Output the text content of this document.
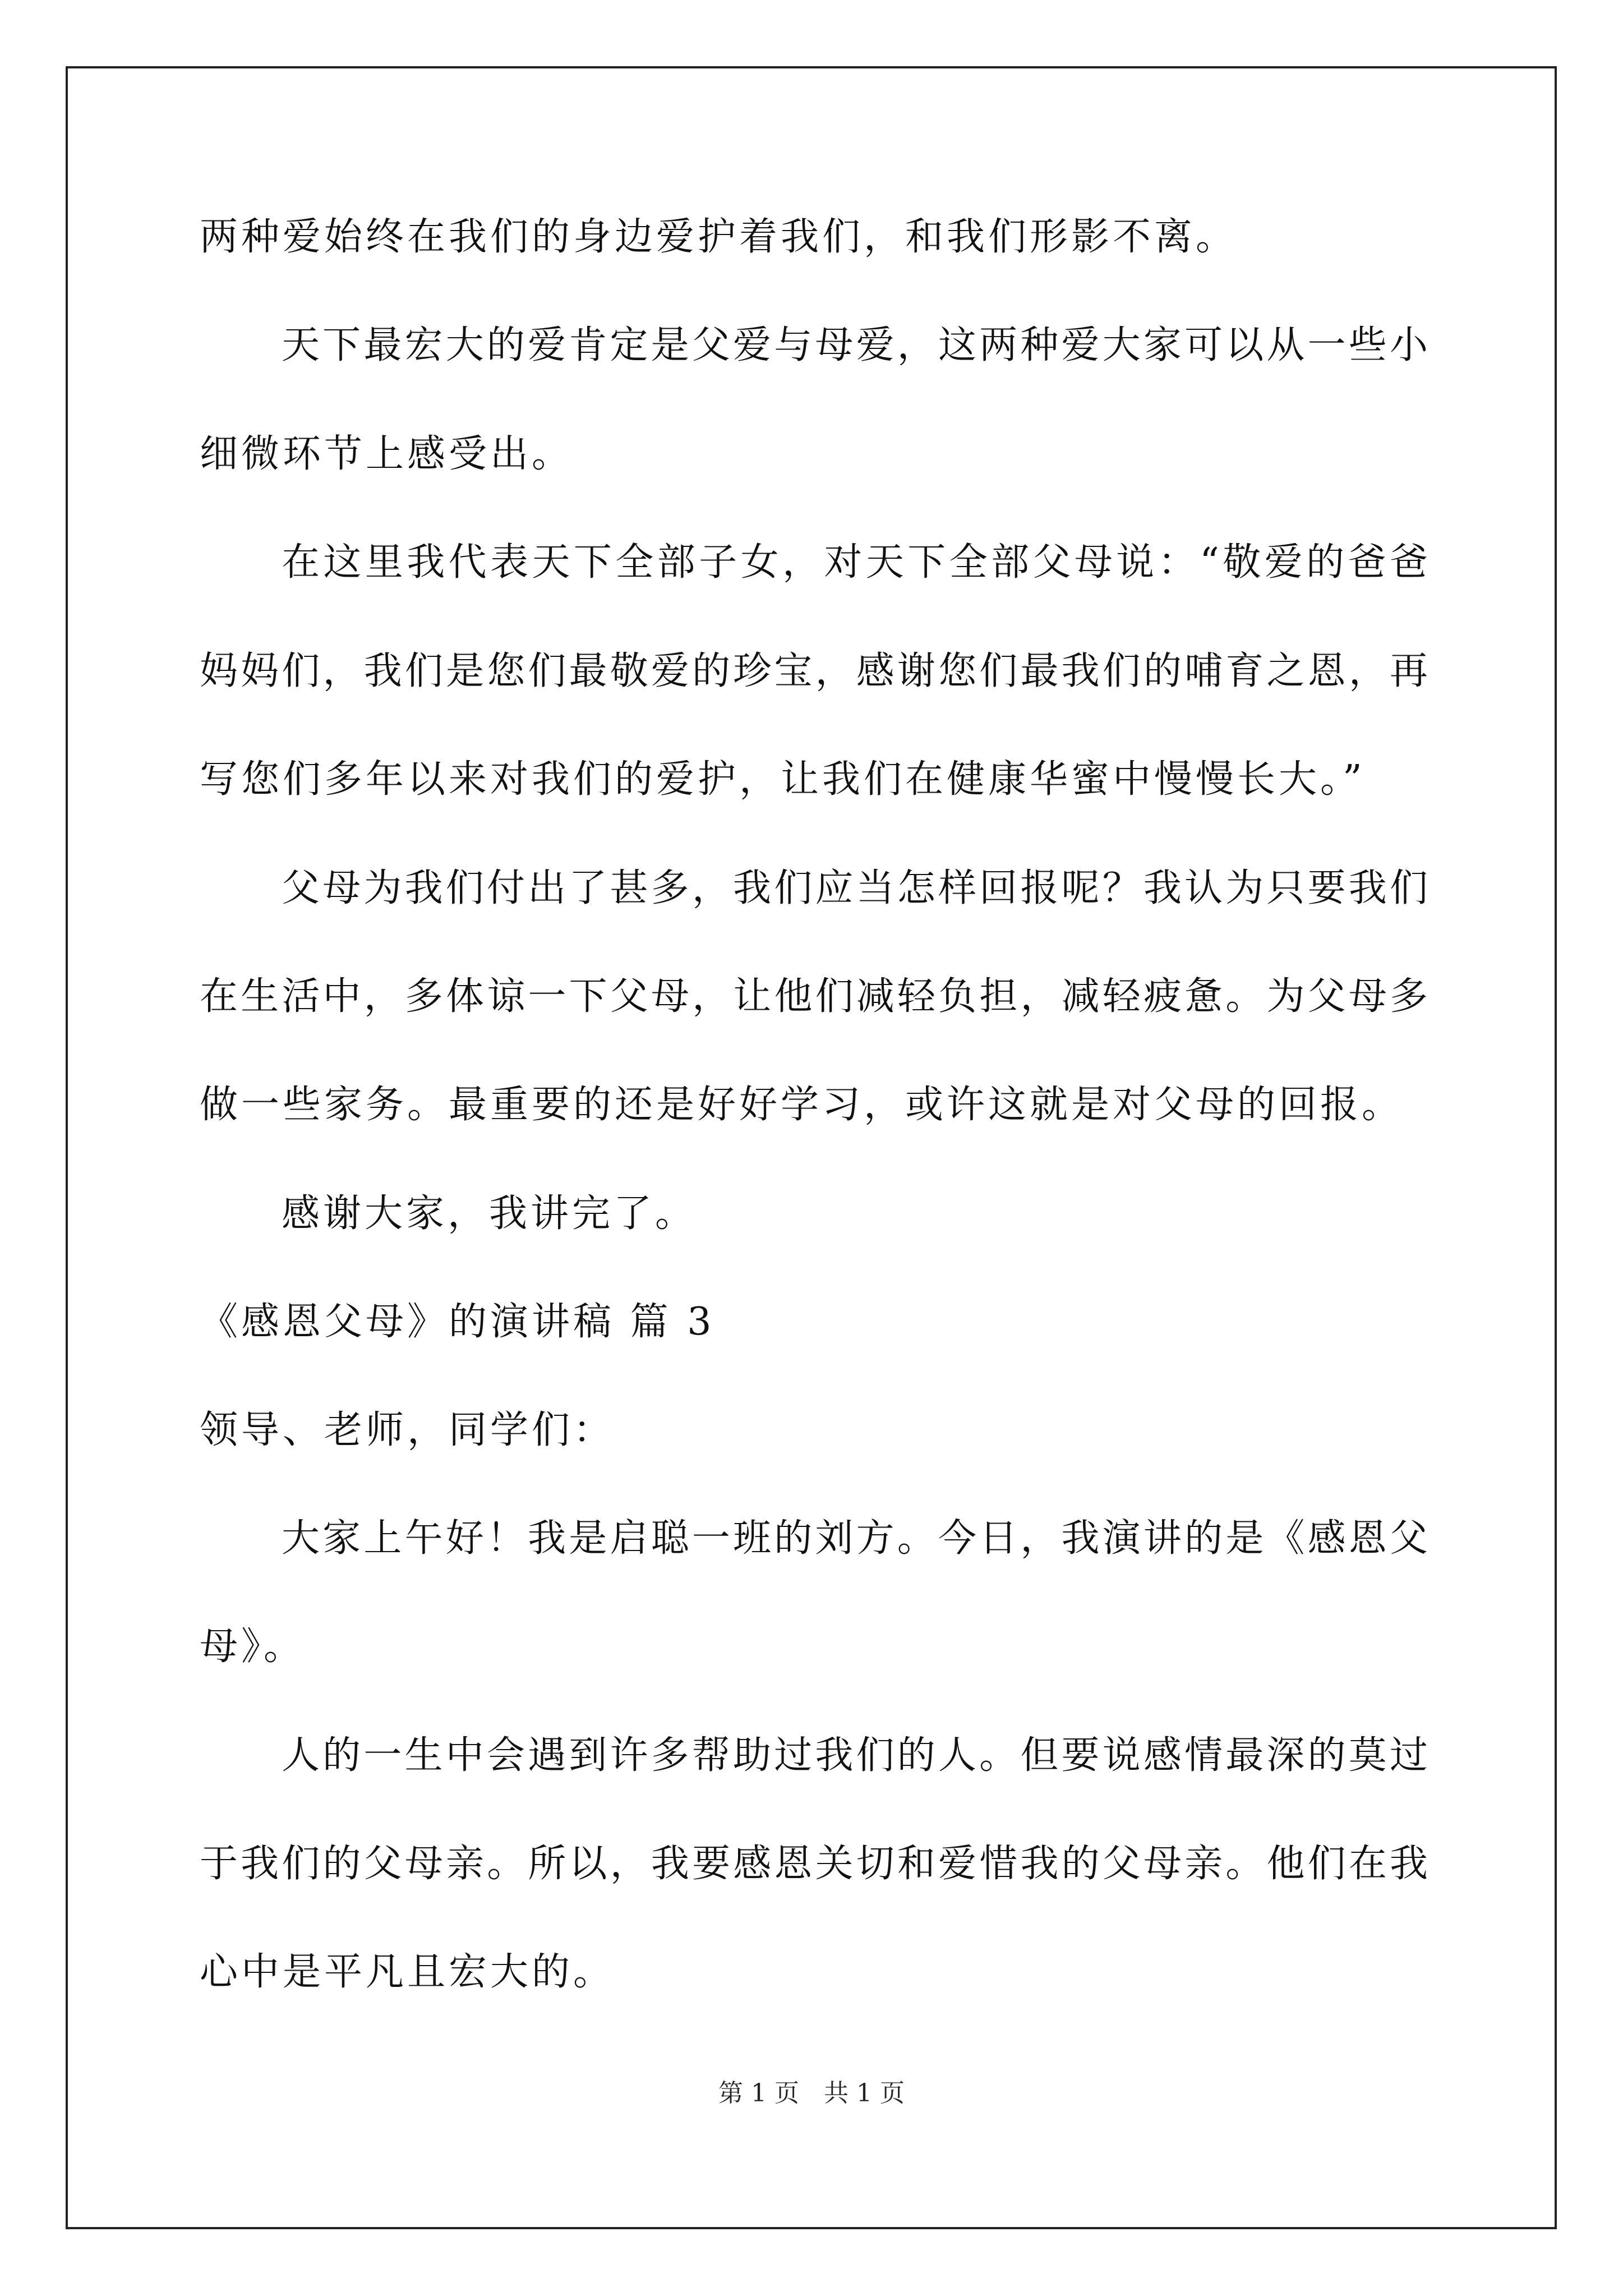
两种爱始终在我们的身边爱护着我们，和我们形影不离。
天下最宏大的爱肯定是父爱与母爱，这两种爱大家可以从一些小
细微环节上感受出。
在这里我代表天下全部子女，对天下全部父母说：“敬爱的爸爸
妈妈们，我们是您们最敬爱的珍宝，感谢您们最我们的哺育之恩，再
写您们多年以来对我们的爱护，让我们在健康华蜜中慢慢长大。”
父母为我们付出了甚多，我们应当怎样回报呢？我认为只要我们
在生活中，多体谅一下父母，让他们减轻负担，减轻疲惫。为父母多
做一些家务。最重要的还是好好学习，或许这就是对父母的回报。
感谢大家，我讲完了。
《感恩父母》的演讲稿 篇 3
领导、老师，同学们：
大家上午好！我是启聪一班的刘方。今日，我演讲的是《感恩父
母》。
人的一生中会遇到许多帮助过我们的人。但要说感情最深的莫过
于我们的父母亲。所以，我要感恩关切和爱惜我的父母亲。他们在我
心中是平凡且宏大的。
第 1 页　共 1 页
